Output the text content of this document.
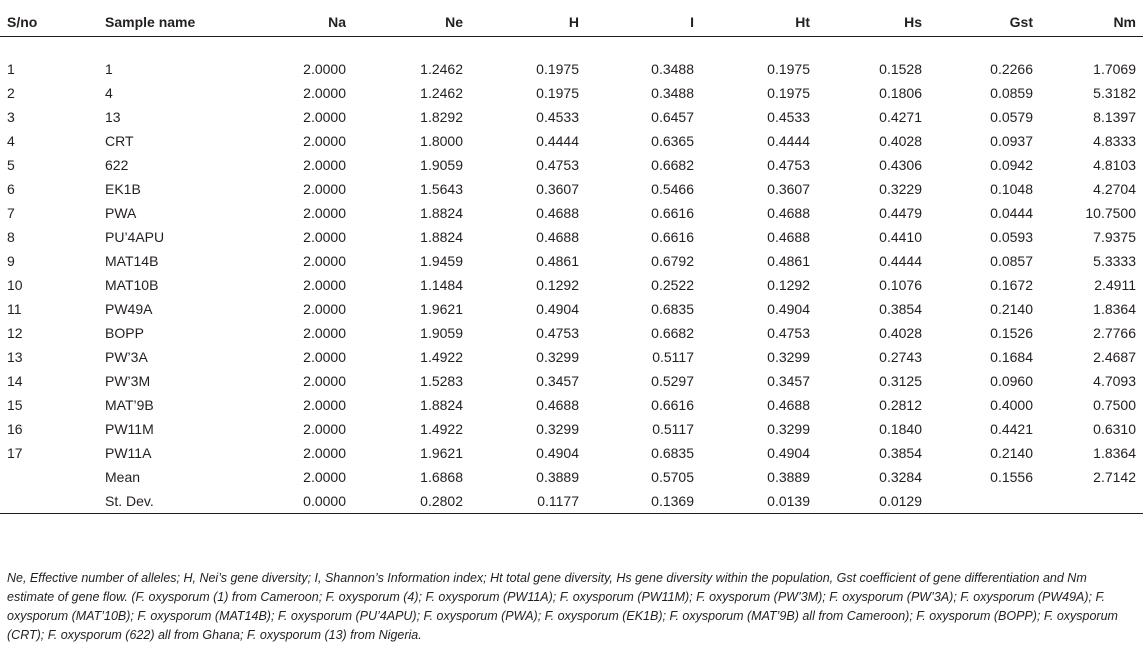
S/no	Sample name	Na	Ne	H	I	Ht	Hs	Gst	Nm

1	1	2.0000	1.2462	0.1975	0.3488	0.1975	0.1528	0.2266	1.7069
2	4	2.0000	1.2462	0.1975	0.3488	0.1975	0.1806	0.0859	5.3182
3	13	2.0000	1.8292	0.4533	0.6457	0.4533	0.4271	0.0579	8.1397
4	CRT	2.0000	1.8000	0.4444	0.6365	0.4444	0.4028	0.0937	4.8333
5	622	2.0000	1.9059	0.4753	0.6682	0.4753	0.4306	0.0942	4.8103
6	EK1B	2.0000	1.5643	0.3607	0.5466	0.3607	0.3229	0.1048	4.2704
7	PWA	2.0000	1.8824	0.4688	0.6616	0.4688	0.4479	0.0444	10.7500
8	PU’4APU	2.0000	1.8824	0.4688	0.6616	0.4688	0.4410	0.0593	7.9375
9	MAT14B	2.0000	1.9459	0.4861	0.6792	0.4861	0.4444	0.0857	5.3333
10	MAT10B	2.0000	1.1484	0.1292	0.2522	0.1292	0.1076	0.1672	2.4911
11	PW49A	2.0000	1.9621	0.4904	0.6835	0.4904	0.3854	0.2140	1.8364
12	BOPP	2.0000	1.9059	0.4753	0.6682	0.4753	0.4028	0.1526	2.7766
13	PW’3A	2.0000	1.4922	0.3299	0.5117	0.3299	0.2743	0.1684	2.4687
14	PW’3M	2.0000	1.5283	0.3457	0.5297	0.3457	0.3125	0.0960	4.7093
15	MAT’9B	2.0000	1.8824	0.4688	0.6616	0.4688	0.2812	0.4000	0.7500
16	PW11M	2.0000	1.4922	0.3299	0.5117	0.3299	0.1840	0.4421	0.6310
17	PW11A	2.0000	1.9621	0.4904	0.6835	0.4904	0.3854	0.2140	1.8364
	Mean	2.0000	1.6868	0.3889	0.5705	0.3889	0.3284	0.1556	2.7142
	St. Dev.	0.0000	0.2802	0.1177	0.1369	0.0139	0.0129		
Ne, Effective number of alleles; H, Nei’s gene diversity; I, Shannon’s Information index; Ht total gene diversity, Hs gene diversity within the population, Gst coefficient of gene differentiation and Nm estimate of gene flow. (F. oxysporum (1) from Cameroon; F. oxysporum (4); F. oxysporum (PW11A); F. oxysporum (PW11M); F. oxysporum (PW’3M); F. oxysporum (PW’3A); F. oxysporum (PW49A); F. oxysporum (MAT’10B); F. oxysporum (MAT14B); F. oxysporum (PU’4APU); F. oxysporum (PWA); F. oxysporum (EK1B); F. oxysporum (MAT’9B) all from Cameroon); F. oxysporum (BOPP); F. oxysporum (CRT); F. oxysporum (622) all from Ghana; F. oxysporum (13) from Nigeria.
